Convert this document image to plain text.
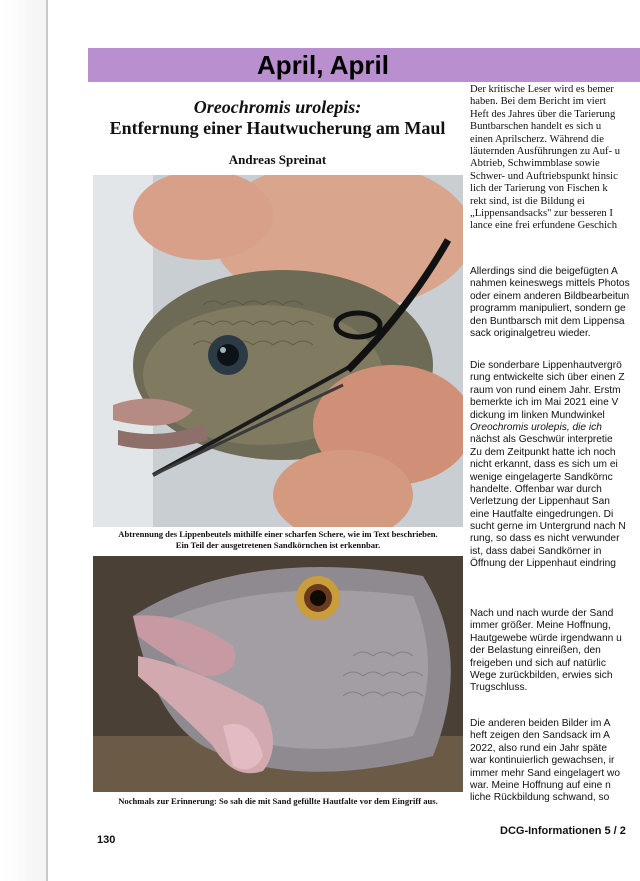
April, April
Oreochromis urolepis:
Entfernung einer Hautwucherung am Maul
Andreas Spreinat
Abtrennung des Lippenbeutels mithilfe einer scharfen Schere, wie im Text beschrieben.
Ein Teil der ausgetretenen Sandkörnchen ist erkennbar.
Nochmals zur Erinnerung: So sah die mit Sand gefüllte Hautfalte vor dem Eingriff aus.
Der kritische Leser wird es bemer
haben. Bei dem Bericht im viert
Heft des Jahres über die Tarierung
Buntbarschen handelt es sich u
einen Aprilscherz. Während die
läuternden Ausführungen zu Auf- u
Abtrieb, Schwimmblase sowie
Schwer- und Auftriebspunkt hinsic
lich der Tarierung von Fischen k
rekt sind, ist die Bildung ei
„Lippensandsacks" zur besseren I
lance eine frei erfundene Geschich
Allerdings sind die beigefügten A
nahmen keineswegs mittels Photos
oder einem anderen Bildbearbeitun
programm manipuliert, sondern ge
den Buntbarsch mit dem Lippensa
sack originalgetreu wieder.
Die sonderbare Lippenhautvergrö
rung entwickelte sich über einen Z
raum von rund einem Jahr. Erstm
bemerkte ich im Mai 2021 eine V
dickung im linken Mundwinkel
Oreochromis urolepis, die ich
nächst als Geschwür interpretie
Zu dem Zeitpunkt hatte ich noch
nicht erkannt, dass es sich um ei
wenige eingelagerte Sandkörnc
handelte. Offenbar war durch
Verletzung der Lippenhaut San
eine Hautfalte eingedrungen. Di
sucht gerne im Untergrund nach N
rung, so dass es nicht verwunder
ist, dass dabei Sandkörner in
Öffnung der Lippenhaut eindring
Nach und nach wurde der Sand
immer größer. Meine Hoffnung,
Hautgewebe würde irgendwann u
der Belastung einreißen, den
freigeben und sich auf natürlic
Wege zurückbilden, erwies sich
Trugschluss.
Die anderen beiden Bilder im A
heft zeigen den Sandsack im A
2022, also rund ein Jahr späte
war kontinuierlich gewachsen, ir
immer mehr Sand eingelagert wo
war. Meine Hoffnung auf eine n
liche Rückbildung schwand, so
130
DCG-Informationen 5 / 2
